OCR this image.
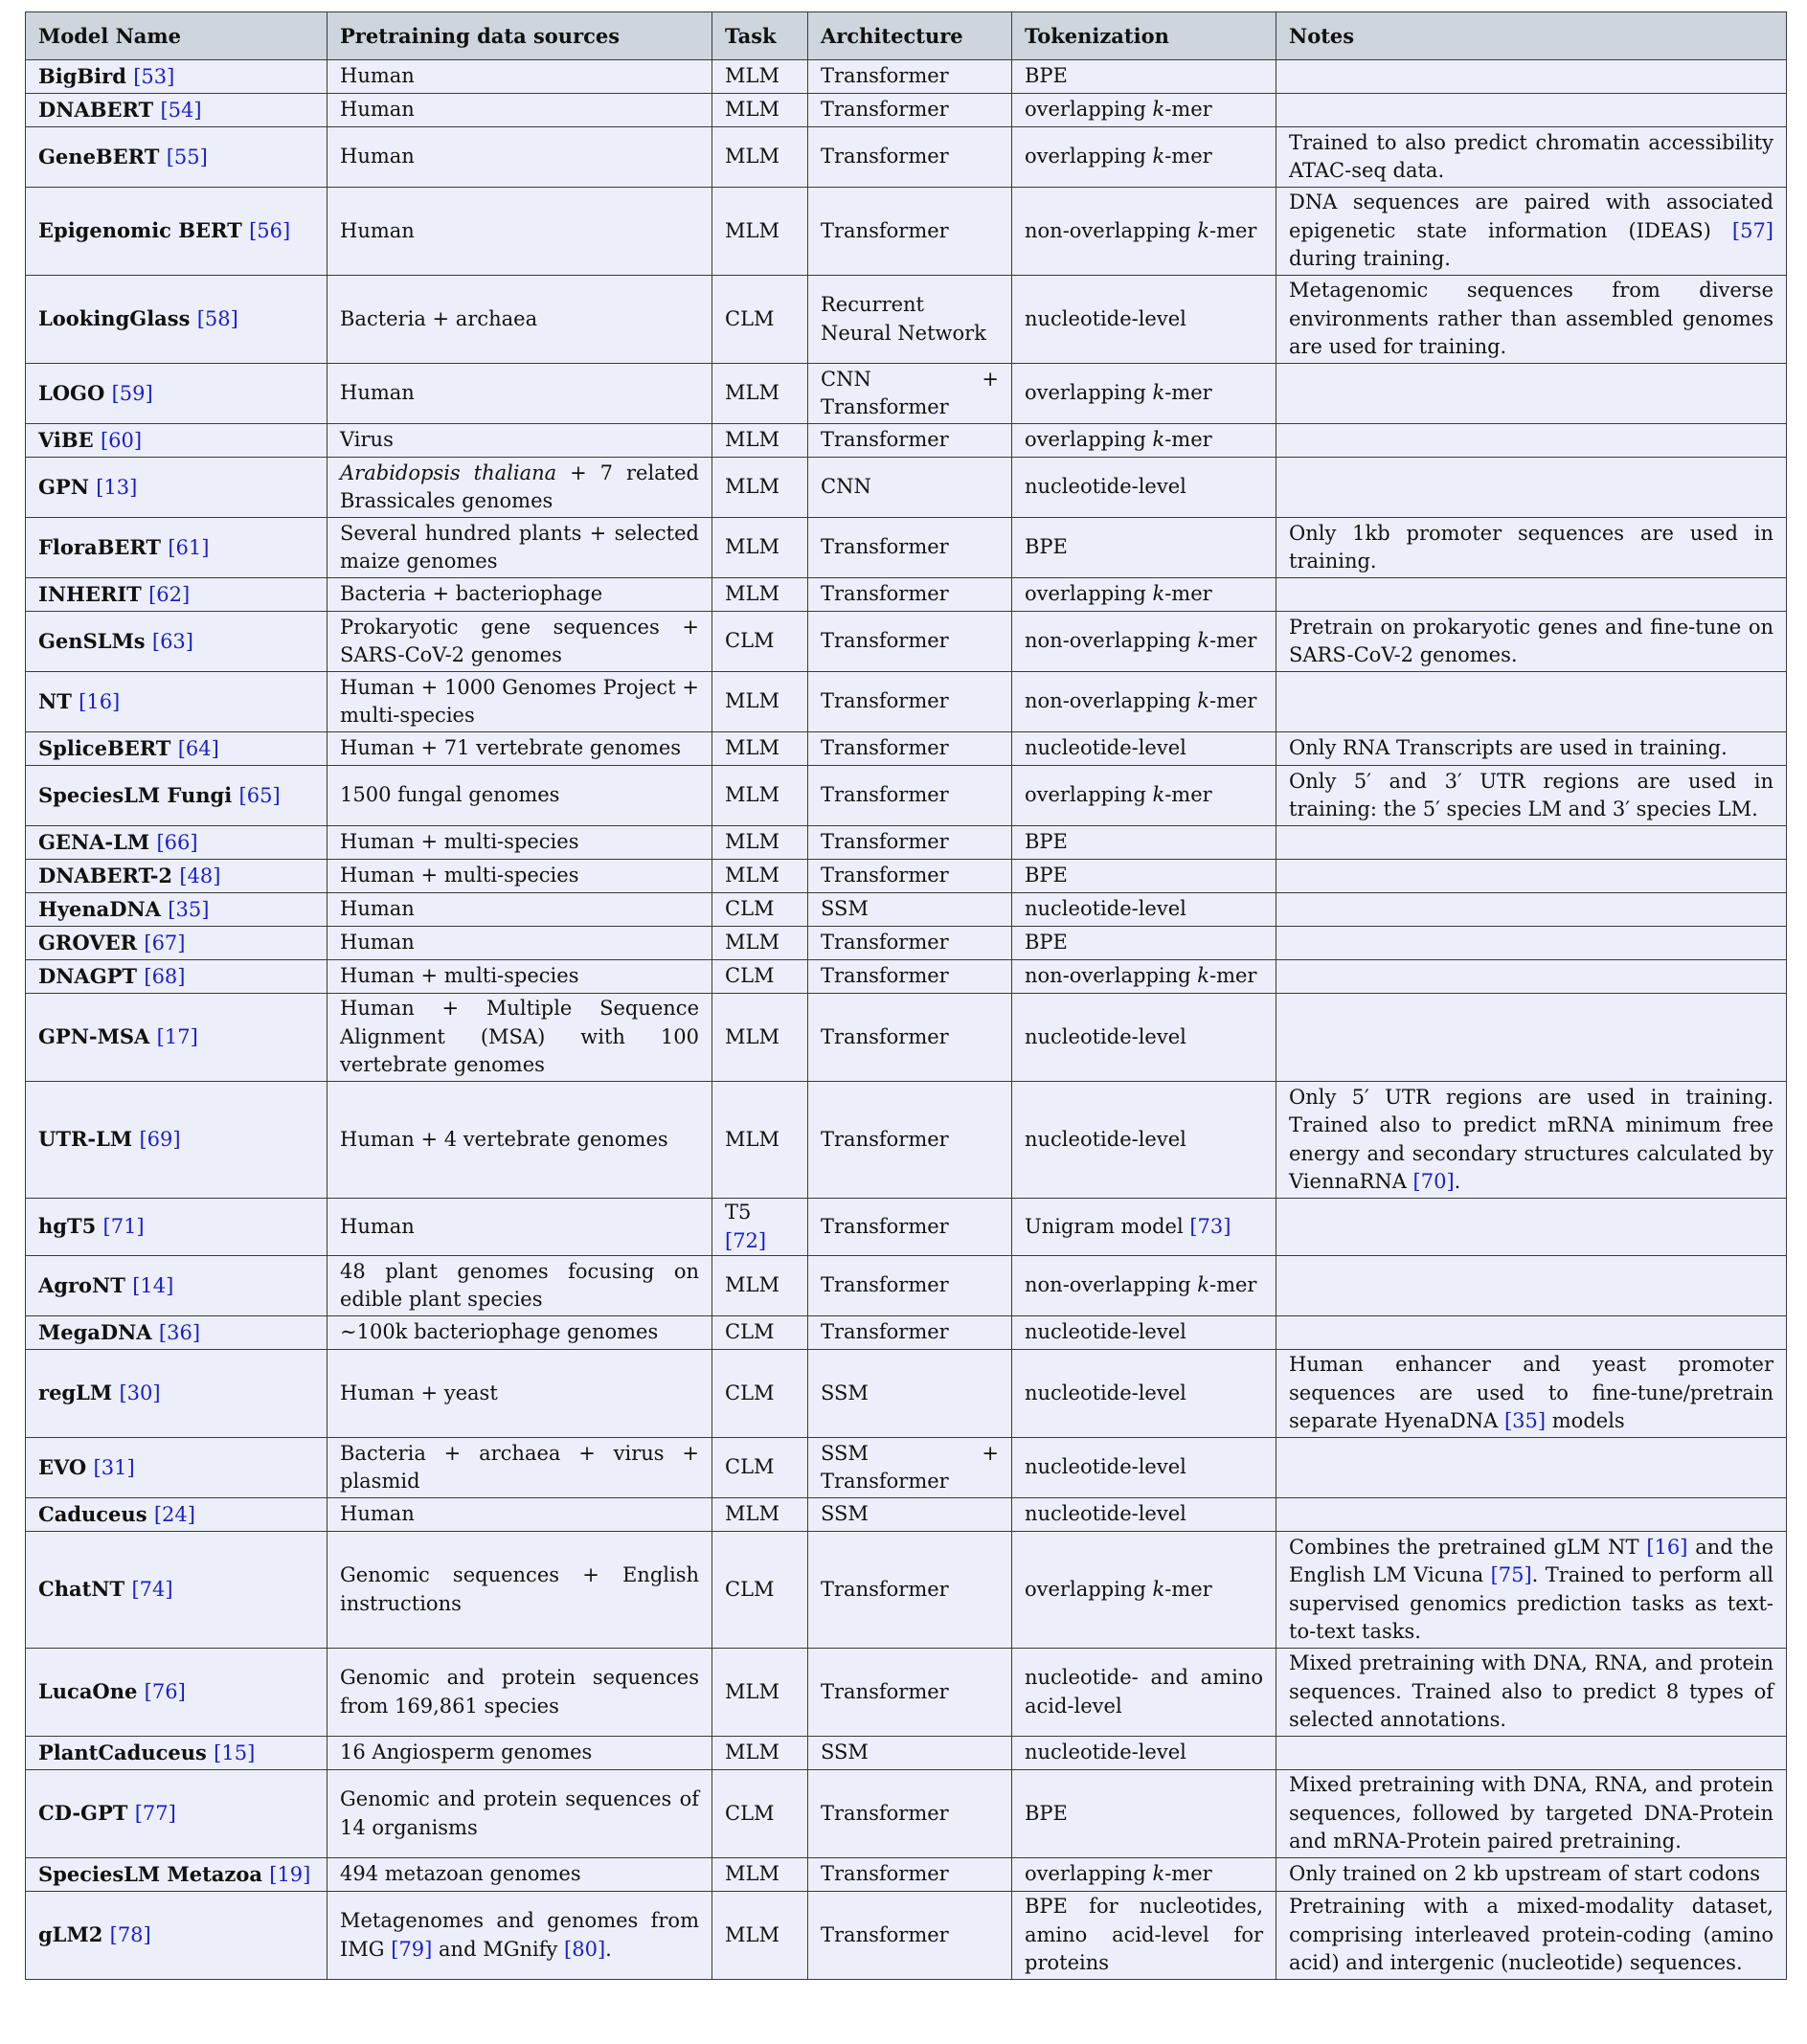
Model Name	Pretraining data sources	Task	Architecture	Tokenization	Notes
BigBird [53]	Human	MLM	Transformer	BPE	
DNABERT [54]	Human	MLM	Transformer	overlapping k-mer	
GeneBERT [55]	Human	MLM	Transformer	overlapping k-mer	Trained to also predict chromatin accessibility ATAC-seq data.
Epigenomic BERT [56]	Human	MLM	Transformer	non-overlapping k-mer	DNA sequences are paired with associated epigenetic state information (IDEAS) [57] during training.
LookingGlass [58]	Bacteria + archaea	CLM	Recurrent Neural Network	nucleotide-level	Metagenomic sequences from diverse environments rather than assembled genomes are used for training.
LOGO [59]	Human	MLM	CNN + Transformer	overlapping k-mer	
ViBE [60]	Virus	MLM	Transformer	overlapping k-mer	
GPN [13]	Arabidopsis thaliana + 7 related Brassicales genomes	MLM	CNN	nucleotide-level	
FloraBERT [61]	Several hundred plants + selected maize genomes	MLM	Transformer	BPE	Only 1kb promoter sequences are used in training.
INHERIT [62]	Bacteria + bacteriophage	MLM	Transformer	overlapping k-mer	
GenSLMs [63]	Prokaryotic gene sequences + SARS-CoV-2 genomes	CLM	Transformer	non-overlapping k-mer	Pretrain on prokaryotic genes and fine-tune on SARS-CoV-2 genomes.
NT [16]	Human + 1000 Genomes Project + multi-species	MLM	Transformer	non-overlapping k-mer	
SpliceBERT [64]	Human + 71 vertebrate genomes	MLM	Transformer	nucleotide-level	Only RNA Transcripts are used in training.
SpeciesLM Fungi [65]	1500 fungal genomes	MLM	Transformer	overlapping k-mer	Only 5′ and 3′ UTR regions are used in training: the 5′ species LM and 3′ species LM.
GENA-LM [66]	Human + multi-species	MLM	Transformer	BPE	
DNABERT-2 [48]	Human + multi-species	MLM	Transformer	BPE	
HyenaDNA [35]	Human	CLM	SSM	nucleotide-level	
GROVER [67]	Human	MLM	Transformer	BPE	
DNAGPT [68]	Human + multi-species	CLM	Transformer	non-overlapping k-mer	
GPN-MSA [17]	Human + Multiple Sequence Alignment (MSA) with 100 vertebrate genomes	MLM	Transformer	nucleotide-level	
UTR-LM [69]	Human + 4 vertebrate genomes	MLM	Transformer	nucleotide-level	Only 5′ UTR regions are used in training. Trained also to predict mRNA minimum free energy and secondary structures calculated by ViennaRNA [70].
hgT5 [71]	Human	T5 [72]	Transformer	Unigram model [73]	
AgroNT [14]	48 plant genomes focusing on edible plant species	MLM	Transformer	non-overlapping k-mer	
MegaDNA [36]	∼100k bacteriophage genomes	CLM	Transformer	nucleotide-level	
regLM [30]	Human + yeast	CLM	SSM	nucleotide-level	Human enhancer and yeast promoter sequences are used to fine-tune/pretrain separate HyenaDNA [35] models
EVO [31]	Bacteria + archaea + virus + plasmid	CLM	SSM + Transformer	nucleotide-level	
Caduceus [24]	Human	MLM	SSM	nucleotide-level	
ChatNT [74]	Genomic sequences + English instructions	CLM	Transformer	overlapping k-mer	Combines the pretrained gLM NT [16] and the English LM Vicuna [75]. Trained to perform all supervised genomics prediction tasks as text-to-text tasks.
LucaOne [76]	Genomic and protein sequences from 169,861 species	MLM	Transformer	nucleotide- and amino acid-level	Mixed pretraining with DNA, RNA, and protein sequences. Trained also to predict 8 types of selected annotations.
PlantCaduceus [15]	16 Angiosperm genomes	MLM	SSM	nucleotide-level	
CD-GPT [77]	Genomic and protein sequences of 14 organisms	CLM	Transformer	BPE	Mixed pretraining with DNA, RNA, and protein sequences, followed by targeted DNA-Protein and mRNA-Protein paired pretraining.
SpeciesLM Metazoa [19]	494 metazoan genomes	MLM	Transformer	overlapping k-mer	Only trained on 2 kb upstream of start codons
gLM2 [78]	Metagenomes and genomes from IMG [79] and MGnify [80].	MLM	Transformer	BPE for nucleotides, amino acid-level for proteins	Pretraining with a mixed-modality dataset, comprising interleaved protein-coding (amino acid) and intergenic (nucleotide) sequences.
